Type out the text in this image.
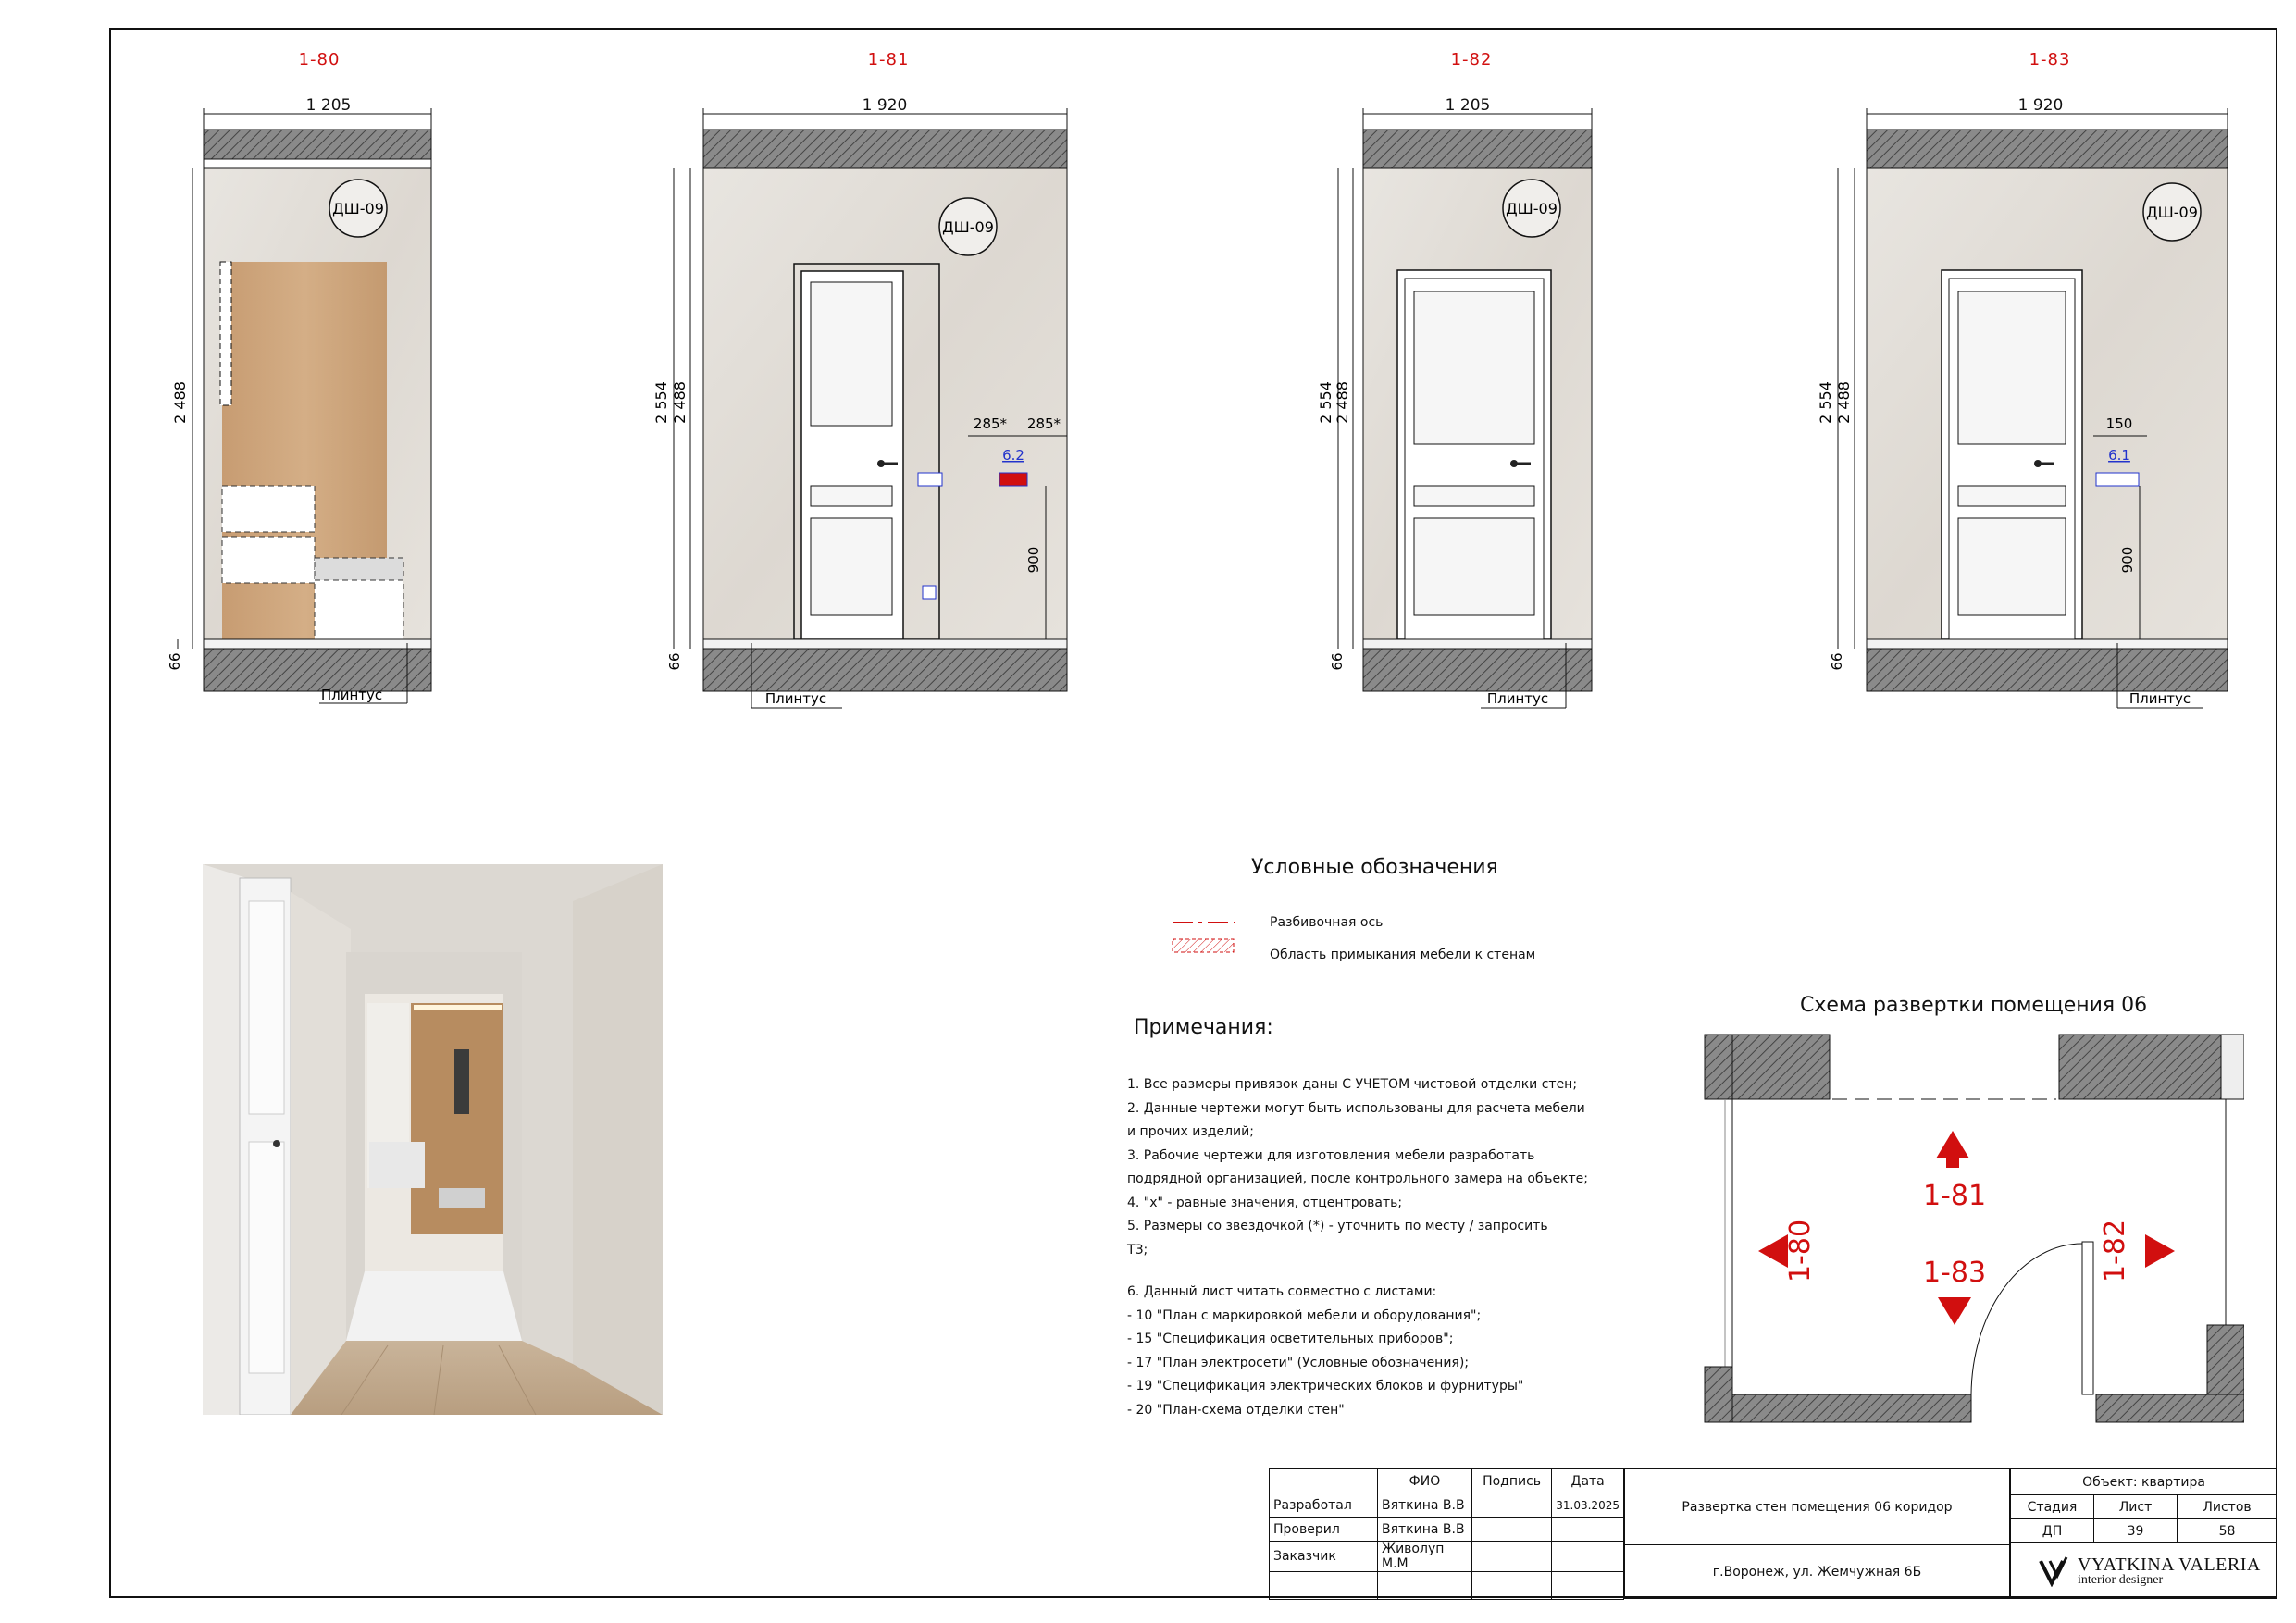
1-80
ДШ-09
2 488
66
Плинтус
1 205
1-81
ДШ-09
285* 285*
6.2
900
2 554 2 488
66
Плинтус
1 920
1-82
ДШ-09
2 554 2 488
66
Плинтус
1 205
1-83
ДШ-09
150
6.1
900
2 554 2 488
66
Плинтус
1 920
Условные обозначения
Разбивочная ось
Область примыкания мебели к стенам
Примечания:
1. Все размеры привязок даны С УЧЕТОМ чистовой отделки стен;
2. Данные чертежи могут быть использованы для расчета мебели
и прочих изделий;
3. Рабочие чертежи для изготовления мебели разработать
подрядной организацией, после контрольного замера на объекте;
4. "х" - равные значения, отцентровать;
5. Размеры со звездочкой (*) - уточнить по месту / запросить
ТЗ;
6. Данный лист читать совместно с листами:
- 10 "План с маркировкой мебели и оборудования";
- 15 "Спецификация осветительных приборов";
- 17 "План электросети" (Условные обозначения);
- 19 "Спецификация электрических блоков и фурнитуры"
- 20 "План-схема отделки стен"
Схема развертки помещения 06
1-81
1-80	1-82
1-83
	ФИО	Подпись	Дата
Разработал	Вяткина В.В		31.03.2025
Проверил	Вяткина В.В		
Заказчик	Живолуп М.М		

Развертка стен помещения 06 коридор
г.Воронеж, ул. Жемчужная 6Б
Объект: квартира		
Стадия	Лист	Листов
ДП	39	58

VYATKINA VALERIA
interior designer		
